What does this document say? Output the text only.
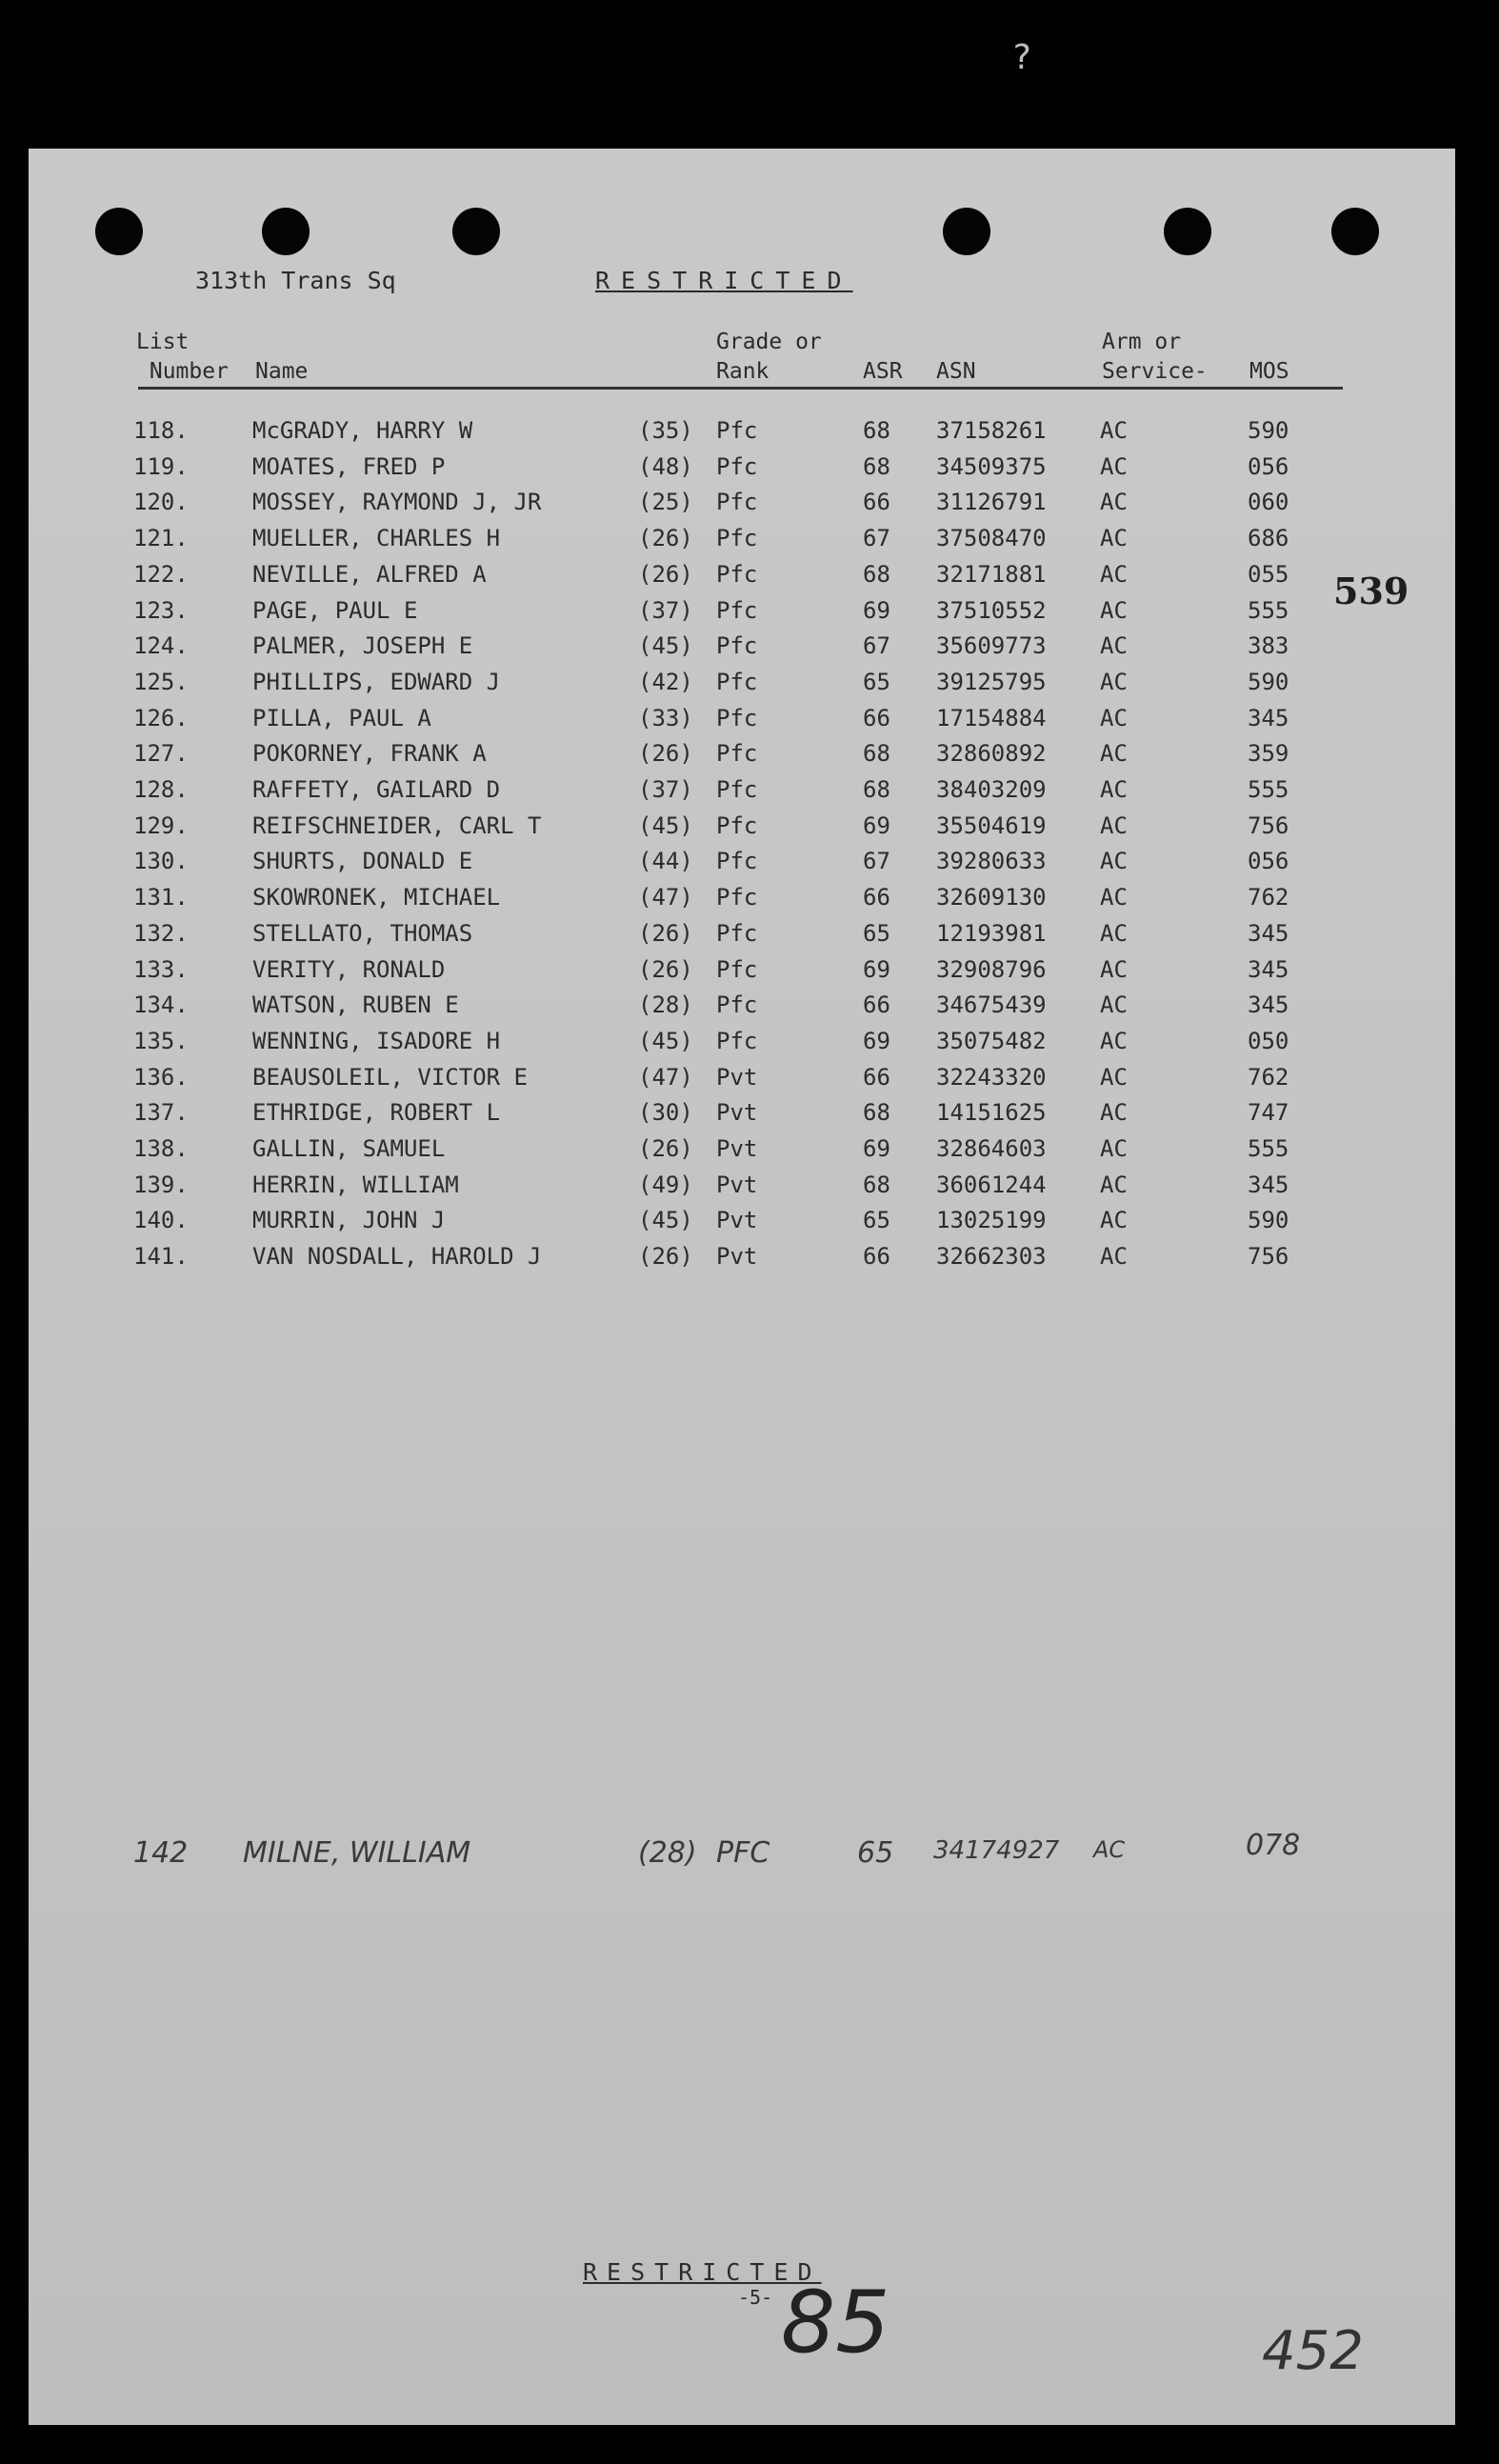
?
313th Trans Sq	RESTRICTED
List
Number Name
Grade or
Rank	ASR ASN
Arm or
Service- MOS
118.	McGRADY, HARRY W	(35) Pfc	68 37158261 AC	590
119.	MOATES, FRED P	(48) Pfc	68 34509375 AC	056
120.	MOSSEY, RAYMOND J, JR	(25) Pfc	66 31126791 AC	060
121.	MUELLER, CHARLES H	(26) Pfc	67 37508470 AC	686
122.	NEVILLE, ALFRED A	(26) Pfc	68 32171881 AC	055
123.	PAGE, PAUL E	(37) Pfc	69 37510552 AC	555
124.	PALMER, JOSEPH E	(45) Pfc	67 35609773 AC	383
125.	PHILLIPS, EDWARD J	(42) Pfc	65 39125795 AC	590
126.	PILLA, PAUL A	(33) Pfc	66 17154884 AC	345
127.	POKORNEY, FRANK A	(26) Pfc	68 32860892 AC	359
128.	RAFFETY, GAILARD D	(37) Pfc	68 38403209 AC	555
129.	REIFSCHNEIDER, CARL T	(45) Pfc	69 35504619 AC	756
130.	SHURTS, DONALD E	(44) Pfc	67 39280633 AC	056
131.	SKOWRONEK, MICHAEL	(47) Pfc	66 32609130 AC	762
132.	STELLATO, THOMAS	(26) Pfc	65 12193981 AC	345
133.	VERITY, RONALD	(26) Pfc	69 32908796 AC	345
134.	WATSON, RUBEN E	(28) Pfc	66 34675439 AC	345
135.	WENNING, ISADORE H	(45) Pfc	69 35075482 AC	050
136.	BEAUSOLEIL, VICTOR E	(47) Pvt	66 32243320 AC	762
137.	ETHRIDGE, ROBERT L	(30) Pvt	68 14151625 AC	747
138.	GALLIN, SAMUEL	(26) Pvt	69 32864603 AC	555
139.	HERRIN, WILLIAM	(49) Pvt	68 36061244 AC	345
140.	MURRIN, JOHN J	(45) Pvt	65 13025199 AC	590
141.	VAN NOSDALL, HAROLD J	(26) Pvt	66 32662303 AC	756
142 MILNE, WILLIAM	(28) PFC	65 34174927 AC	078
539
RESTRICTED
-5- 85	452
